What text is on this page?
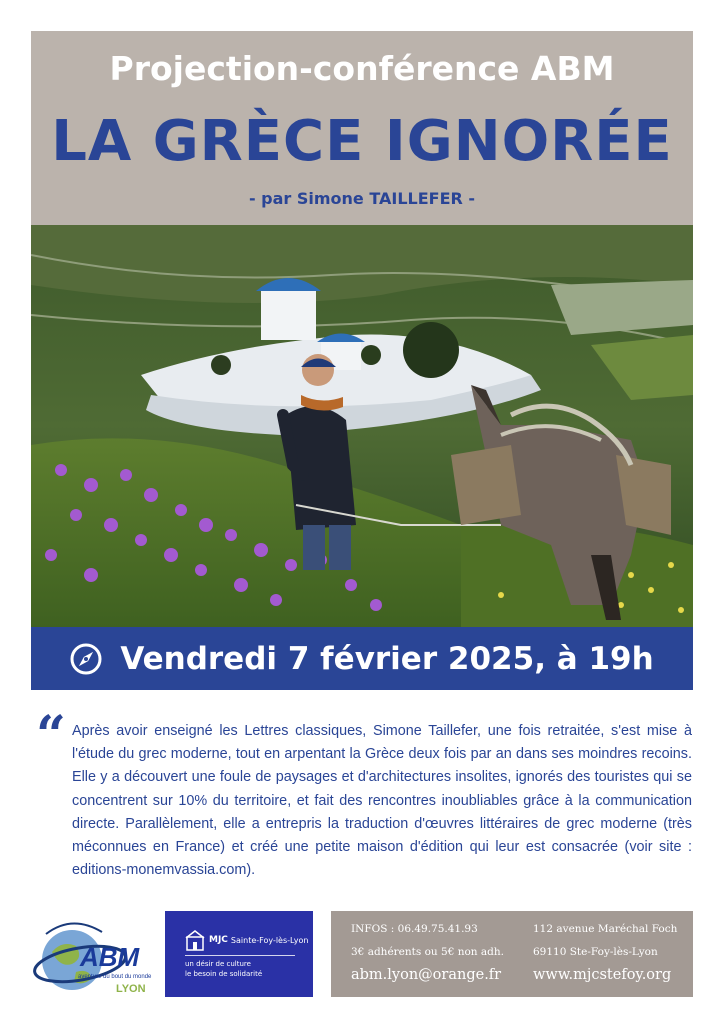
Projection-conférence ABM
LA GRÈCE IGNORÉE
- par Simone TAILLEFER -
Vendredi 7 février 2025, à 19h
“ Après avoir enseigné les Lettres classiques, Simone Taillefer, une fois retraitée, s'est mise à l'étude du grec moderne, tout en arpentant la Grèce deux fois par an dans ses moindres recoins. Elle y a découvert une foule de paysages et d'architectures insolites, ignorés des touristes qui se concentrent sur 10% du territoire, et fait des rencontres inoubliables grâce à la communication directe. Parallèlement, elle a entrepris la traduction d'œuvres littéraires de grec moderne (très méconnues en France) et créé une petite maison d'édition qui leur est consacrée (voir site : editions-monemvassia.com).
ABM
aventure du bout du monde
LYON
MJC Sainte-Foy-lès-Lyon
un désir de culture
le besoin de solidarité
INFOS : 06.49.75.41.93
3€ adhérents ou 5€ non adh.
abm.lyon@orange.fr
112 avenue Maréchal Foch
69110 Ste-Foy-lès-Lyon
www.mjcstefoy.org
